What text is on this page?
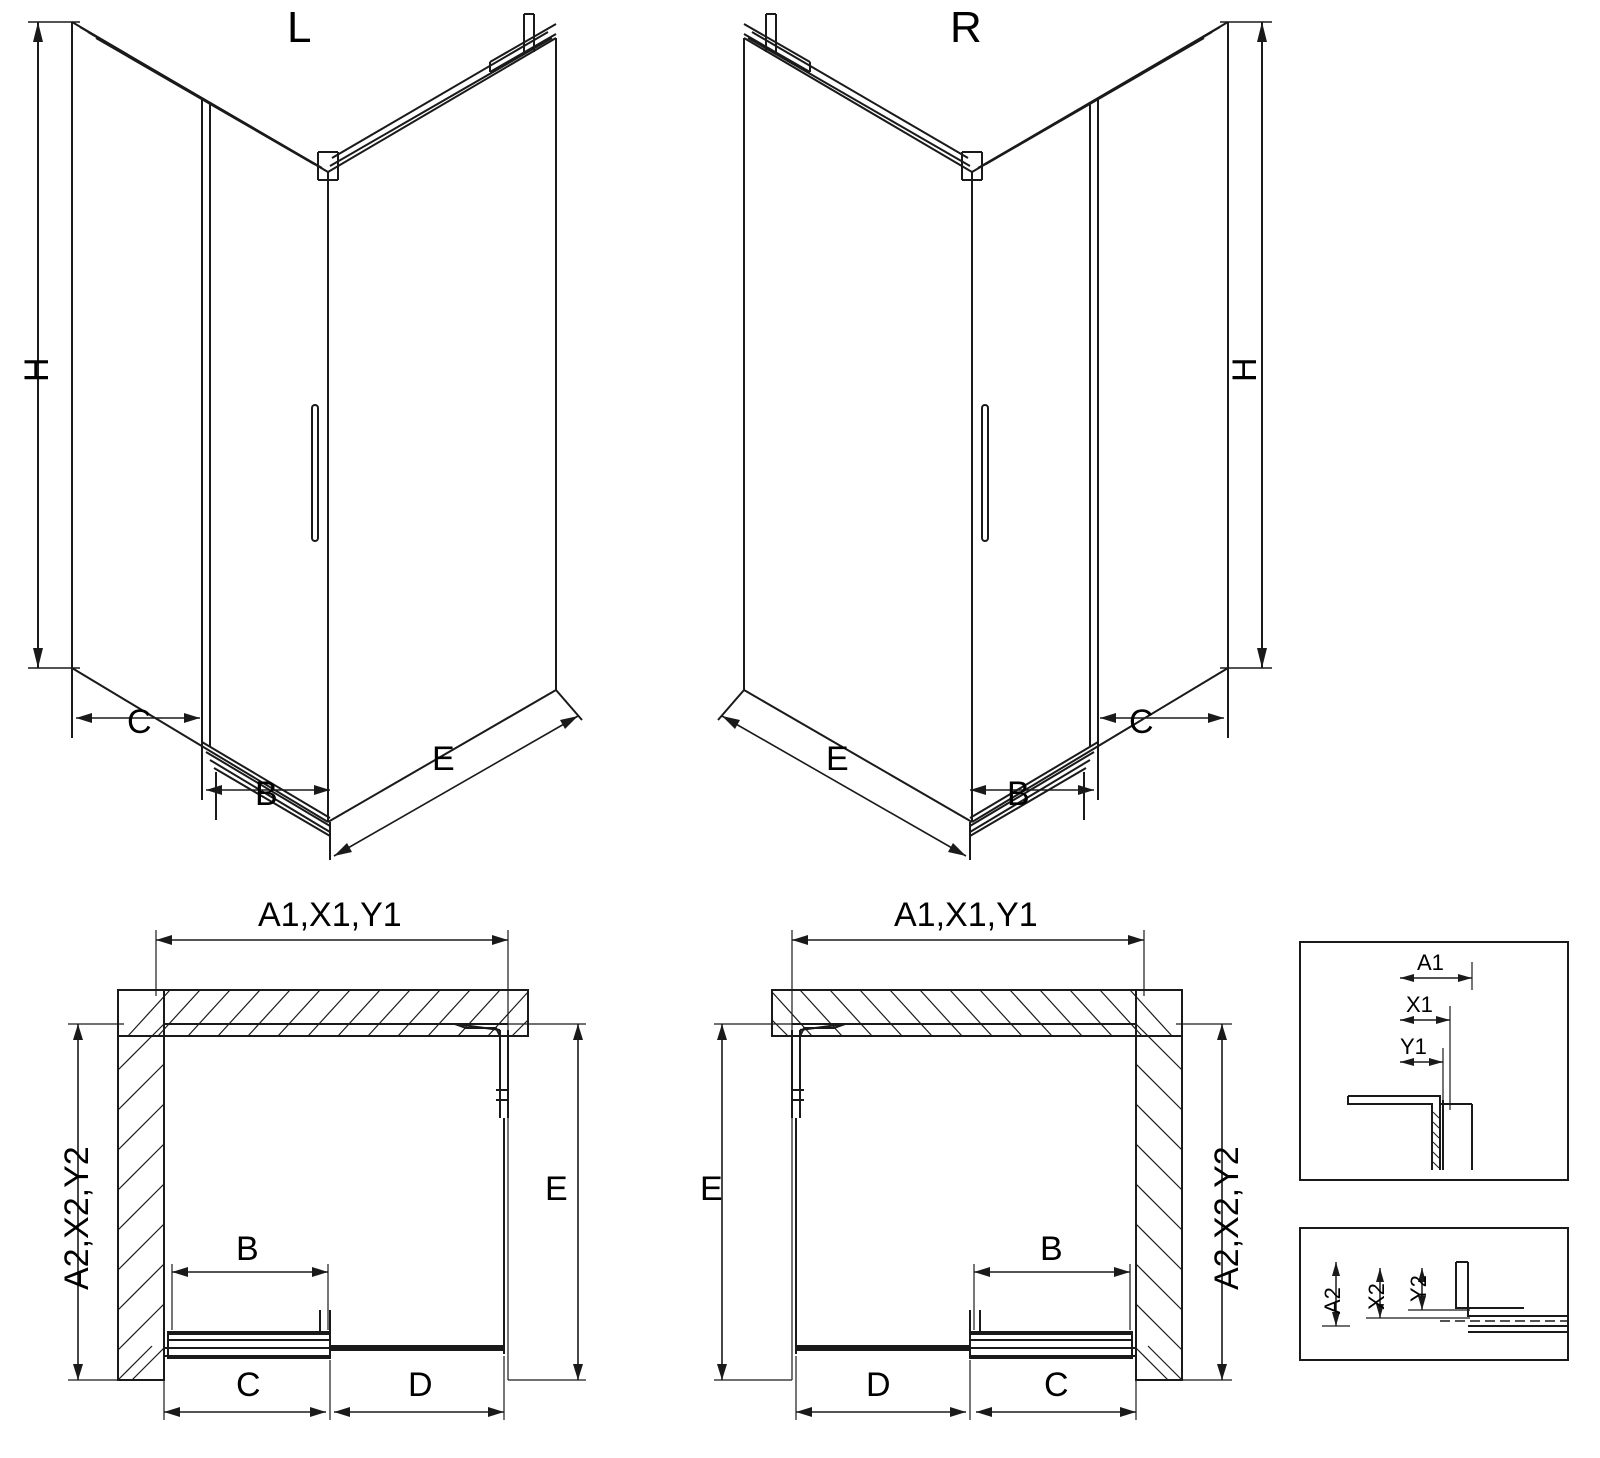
L	R
H
C
B
E
H
C
B
E
A1,X1,Y1
A2,X2,Y2	E
B
C	D
A1,X1,Y1
A2,X2,Y2
E
B
C
D
A1
X1
Y1
A2 X2 Y2
